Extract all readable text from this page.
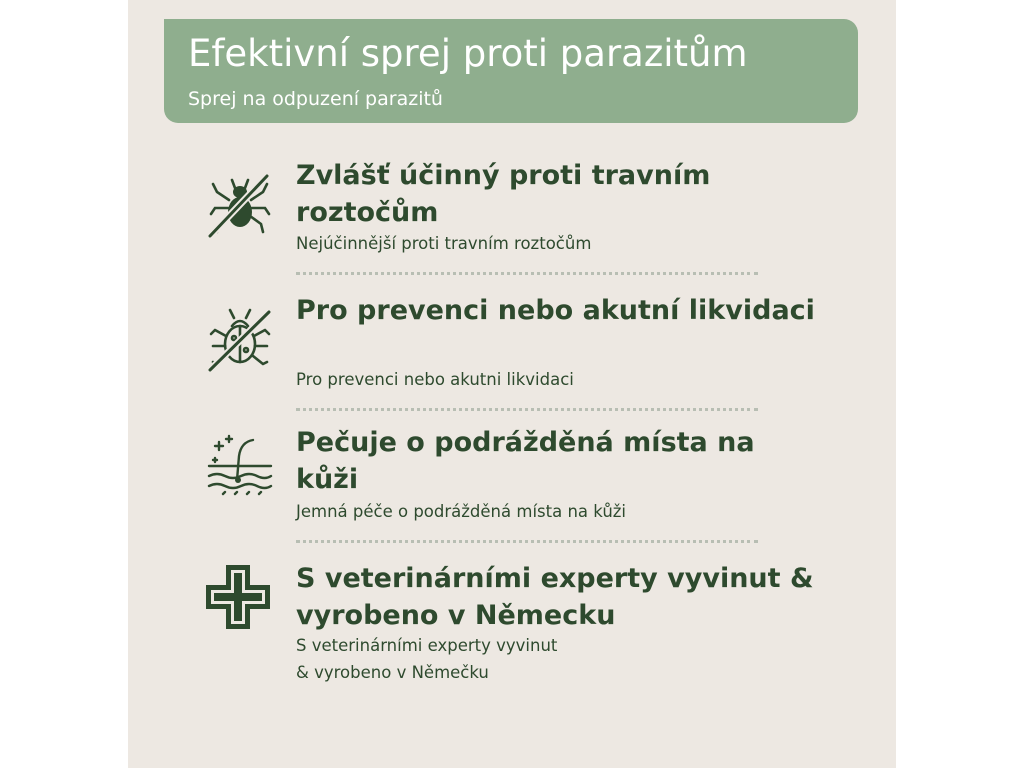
Efektivní sprej proti parazitům
Sprej na odpuzení parazitů
Zvlášť účinný proti travním roztočům
Nejúčinnější proti travním roztočům
Pro prevenci nebo akutní likvidaci
Pro prevenci nebo akutni likvidaci
Pečuje o podrážděná místa na kůži
Jemná péče o podrážděná místa na kůži
S veterinárními experty vyvinut & vyrobeno v Německu
S veterinárními experty vyvinut
& vyrobeno v Němečku
